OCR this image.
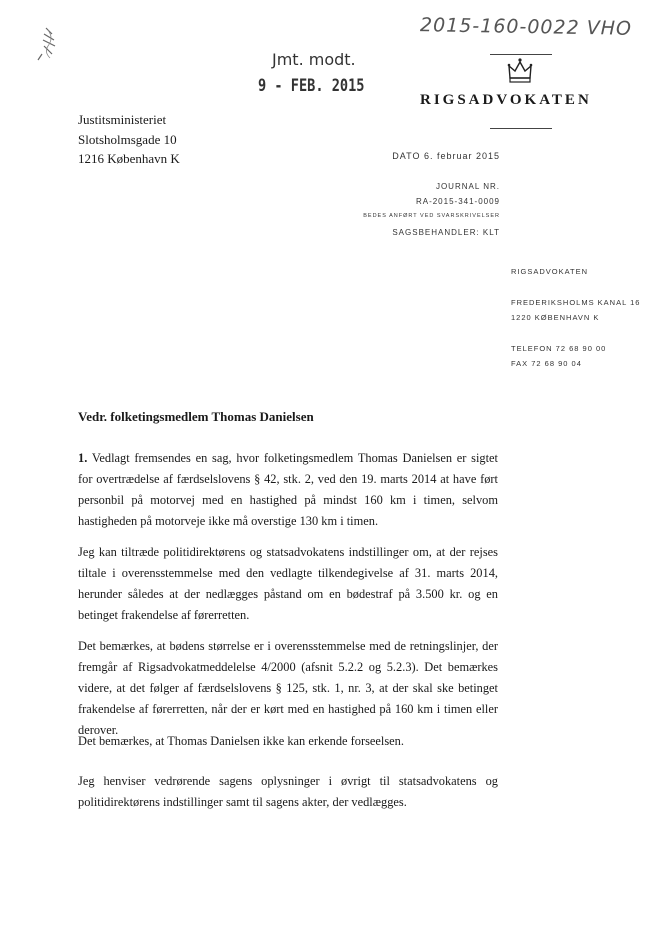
2015-160-0022 VHO
Jmt. modt.
9 - FEB. 2015
RIGSADVOKATEN
Justitsministeriet
Slotsholmsgade 10
1216 København K	DATO 6. februar 2015
JOURNAL NR.
RA-2015-341-0009
BEDES ANFØRT VED SVARSKRIVELSER
SAGSBEHANDLER: KLT
RIGSADVOKATEN
FREDERIKSHOLMS KANAL 16
1220 KØBENHAVN K
TELEFON 72 68 90 00
FAX 72 68 90 04
Vedr. folketingsmedlem Thomas Danielsen
1. Vedlagt fremsendes en sag, hvor folketingsmedlem Thomas Danielsen er sigtet for overtrædelse af færdselslovens § 42, stk. 2, ved den 19. marts 2014 at have ført personbil på motorvej med en hastighed på mindst 160 km i timen, selvom hastigheden på motorveje ikke må overstige 130 km i timen.
Jeg kan tiltræde politidirektørens og statsadvokatens indstillinger om, at der rejses tiltale i overensstemmelse med den vedlagte tilkendegivelse af 31. marts 2014, herunder således at der nedlægges påstand om en bødestraf på 3.500 kr. og en betinget frakendelse af førerretten.
Det bemærkes, at bødens størrelse er i overensstemmelse med de retningslinjer, der fremgår af Rigsadvokatmeddelelse 4/2000 (afsnit 5.2.2 og 5.2.3). Det bemærkes videre, at det følger af færdselslovens § 125, stk. 1, nr. 3, at der skal ske betinget frakendelse af førerretten, når der er kørt med en hastighed på 160 km i timen eller derover.
Det bemærkes, at Thomas Danielsen ikke kan erkende forseelsen.
Jeg henviser vedrørende sagens oplysninger i øvrigt til statsadvokatens og politidirektørens indstillinger samt til sagens akter, der vedlægges.
